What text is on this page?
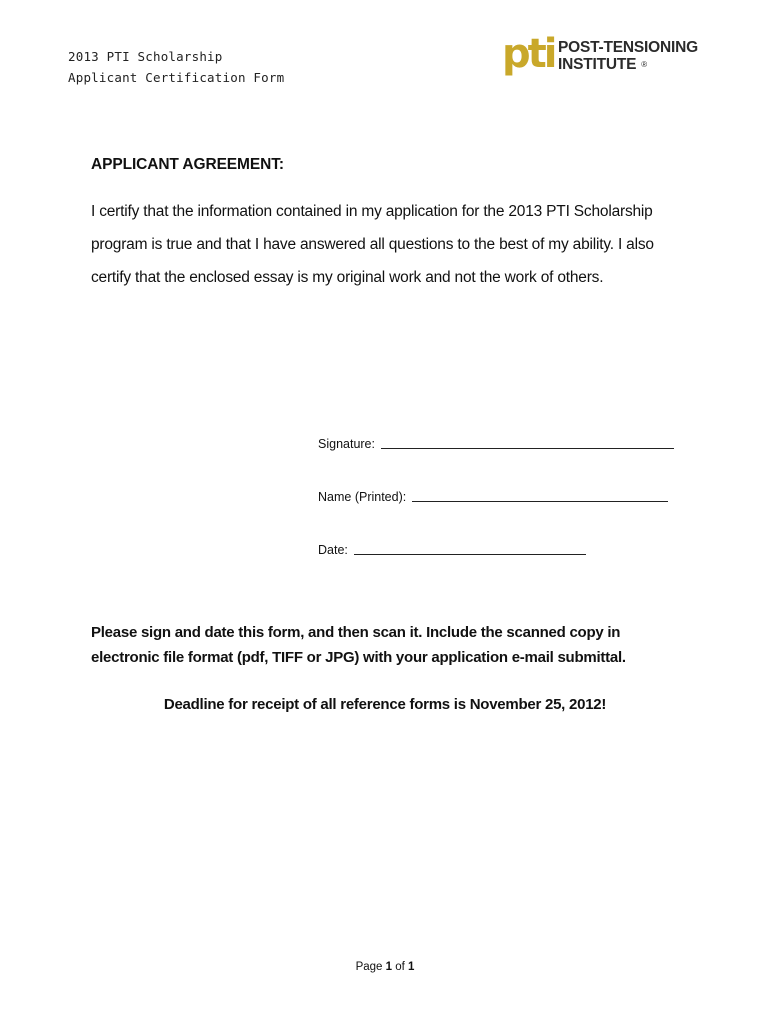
2013 PTI Scholarship
Applicant Certification Form
pti POST-TENSIONING
INSTITUTE ®
APPLICANT AGREEMENT:
I certify that the information contained in my application for the 2013 PTI Scholarship program is true and that I have answered all questions to the best of my ability. I also certify that the enclosed essay is my original work and not the work of others.
Signature:
Name (Printed):
Date:
Please sign and date this form, and then scan it. Include the scanned copy in electronic file format (pdf, TIFF or JPG) with your application e-mail submittal.
Deadline for receipt of all reference forms is November 25, 2012!
Page 1 of 1
